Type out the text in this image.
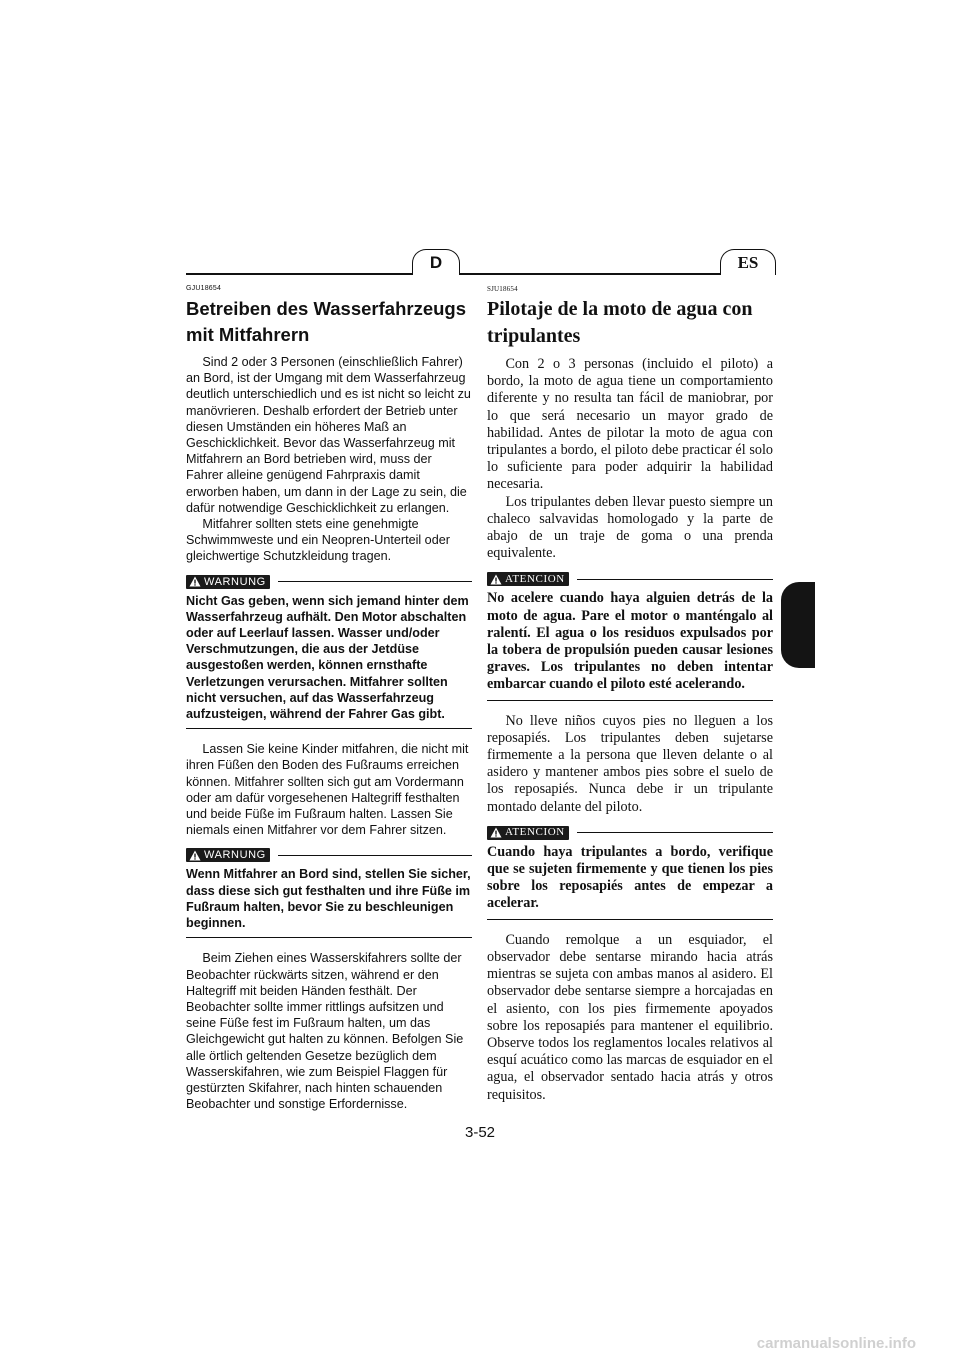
D	ES
GJU18654
Betreiben des Wasserfahrzeugs mit Mitfahrern

Sind 2 oder 3 Personen (einschließlich Fahrer) an Bord, ist der Umgang mit dem Wasserfahrzeug deutlich unterschiedlich und es ist nicht so leicht zu manövrieren. Deshalb erfordert der Betrieb unter diesen Umständen ein höheres Maß an Geschicklichkeit. Bevor das Wasserfahrzeug mit Mitfahrern an Bord betrieben wird, muss der Fahrer alleine genügend Fahrpraxis damit erworben haben, um dann in der Lage zu sein, die dafür notwendige Geschicklichkeit zu erlangen.

Mitfahrer sollten stets eine genehmigte Schwimmweste und ein Neopren-Unterteil oder gleichwertige Schutzkleidung tragen.

WARNUNG

Nicht Gas geben, wenn sich jemand hinter dem Wasserfahrzeug aufhält. Den Motor abschalten oder auf Leerlauf lassen. Wasser und/oder Verschmutzungen, die aus der Jetdüse ausgestoßen werden, können ernsthafte Verletzungen verursachen. Mitfahrer sollten nicht versuchen, auf das Wasserfahrzeug aufzusteigen, während der Fahrer Gas gibt.

Lassen Sie keine Kinder mitfahren, die nicht mit ihren Füßen den Boden des Fußraums erreichen können. Mitfahrer sollten sich gut am Vordermann oder am dafür vorgesehenen Haltegriff festhalten und beide Füße im Fußraum halten. Lassen Sie niemals einen Mitfahrer vor dem Fahrer sitzen.

WARNUNG

Wenn Mitfahrer an Bord sind, stellen Sie sicher, dass diese sich gut festhalten und ihre Füße im Fußraum halten, bevor Sie zu beschleunigen beginnen.

Beim Ziehen eines Wasserskifahrers sollte der Beobachter rückwärts sitzen, während er den Haltegriff mit beiden Händen festhält. Der Beobachter sollte immer rittlings aufsitzen und seine Füße fest im Fußraum halten, um das Gleichgewicht gut halten zu können. Befolgen Sie alle örtlich geltenden Gesetze bezüglich dem Wasserskifahren, wie zum Beispiel Flaggen für gestürzten Skifahrer, nach hinten schauenden Beobachter und sonstige Erfordernisse.

SJU18654
Pilotaje de la moto de agua con tripulantes

Con 2 o 3 personas (incluido el piloto) a bordo, la moto de agua tiene un comportamiento diferente y no resulta tan fácil de maniobrar, por lo que será necesario un mayor grado de habilidad. Antes de pilotar la moto de agua con tripulantes a bordo, el piloto debe practicar él solo lo suficiente para poder adquirir la habilidad necesaria.

Los tripulantes deben llevar puesto siempre un chaleco salvavidas homologado y la parte de abajo de un traje de goma o una prenda equivalente.

ATENCION

No acelere cuando haya alguien detrás de la moto de agua. Pare el motor o manténgalo al ralentí. El agua o los residuos expulsados por la tobera de propulsión pueden causar lesiones graves. Los tripulantes no deben intentar embarcar cuando el piloto esté acelerando.

No lleve niños cuyos pies no lleguen a los reposapiés. Los tripulantes deben sujetarse firmemente a la persona que lleven delante o al asidero y mantener ambos pies sobre el suelo de los reposapiés. Nunca debe ir un tripulante montado delante del piloto.

ATENCION

Cuando haya tripulantes a bordo, verifique que se sujeten firmemente y que tienen los pies sobre los reposapiés antes de empezar a acelerar.

Cuando remolque a un esquiador, el observador debe sentarse mirando hacia atrás mientras se sujeta con ambas manos al asidero. El observador debe sentarse siempre a horcajadas en el asiento, con los pies firmemente apoyados sobre los reposapiés para mantener el equilibrio. Observe todos los reglamentos locales relativos al esquí acuático como las marcas de esquiador en el agua, el observador sentado hacia atrás y otros requisitos.

3-52
carmanualsonline.info
